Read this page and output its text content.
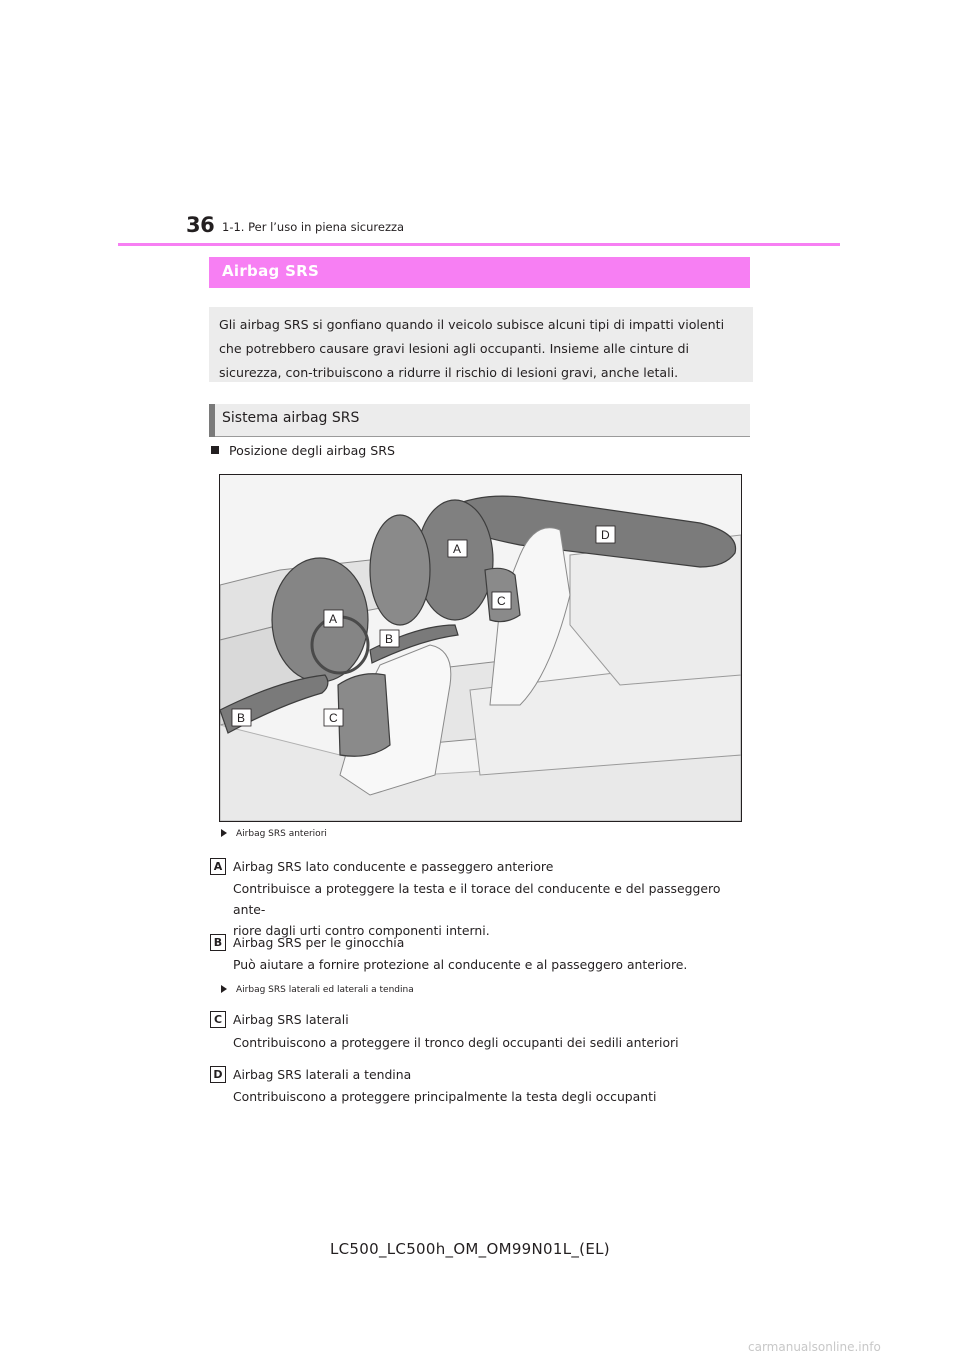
36 1-1. Per l’uso in piena sicurezza
Airbag SRS
Gli airbag SRS si gonfiano quando il veicolo subisce alcuni tipi di impatti violenti che potrebbero causare gravi lesioni agli occupanti. Insieme alle cinture di sicurezza, con-tribuiscono a ridurre il rischio di lesioni gravi, anche letali.
Sistema airbag SRS
Posizione degli airbag SRS
A
D
C
A
B
B	C
Airbag SRS anteriori
A Airbag SRS lato conducente e passeggero anteriore
Contribuisce a proteggere la testa e il torace del conducente e del passeggero ante-
riore dagli urti contro componenti interni.
B Airbag SRS per le ginocchia
Può aiutare a fornire protezione al conducente e al passeggero anteriore.
Airbag SRS laterali ed laterali a tendina
C Airbag SRS laterali
Contribuiscono a proteggere il tronco degli occupanti dei sedili anteriori
D Airbag SRS laterali a tendina
Contribuiscono a proteggere principalmente la testa degli occupanti
LC500_LC500h_OM_OM99N01L_(EL)
carmanualsonline.info
